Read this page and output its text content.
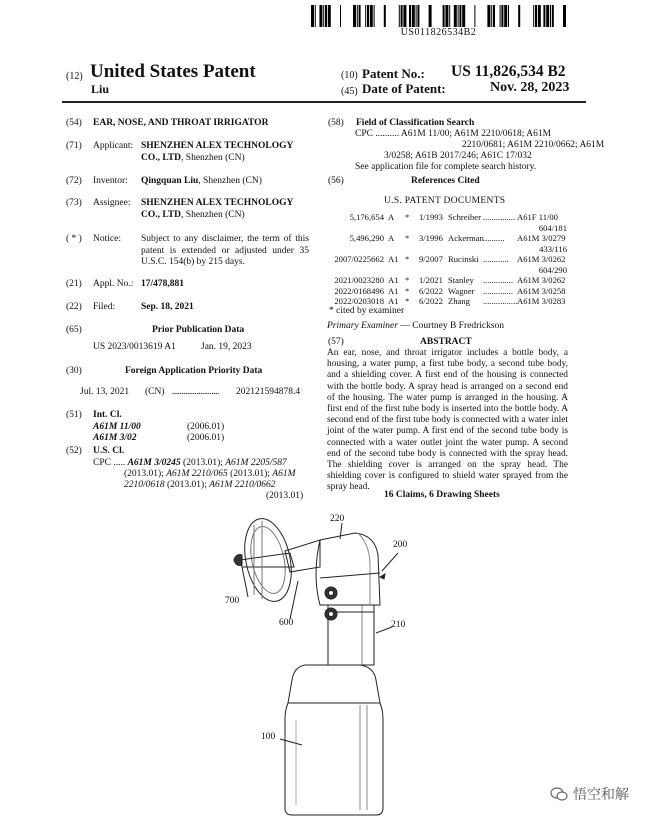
US011826534B2
(12) United States Patent
Liu
(10) Patent No.: US 11,826,534 B2
(45) Date of Patent:	Nov. 28, 2023
(54) EAR, NOSE, AND THROAT IRRIGATOR
(71) Applicant: SHENZHEN ALEX TECHNOLOGY CO., LTD, Shenzhen (CN)
(72) Inventor: Qingquan Liu, Shenzhen (CN)
(73) Assignee: SHENZHEN ALEX TECHNOLOGY CO., LTD, Shenzhen (CN)
( * ) Notice: Subject to any disclaimer, the term of this patent is extended or adjusted under 35 U.S.C. 154(b) by 215 days.
(21) Appl. No.: 17/478,881
(22) Filed:	Sep. 18, 2021
(65)	Prior Publication Data
US 2023/0013619 A1	Jan. 19, 2023
(30)	Foreign Application Priority Data
Jul. 13, 2021 (CN) ......................... 202121594878.4
(51) Int. Cl.
A61M 11/00	(2006.01)
A61M 3/02	(2006.01)
(52) U.S. Cl.
CPC ..... A61M 3/0245 (2013.01); A61M 2205/587
(2013.01); A61M 2210/065 (2013.01); A61M
2210/0618 (2013.01); A61M 2210/0662
(2013.01)
(58) Field of Classification Search
CPC .......... A61M 11/00; A61M 2210/0618; A61M
2210/0681; A61M 2210/0662; A61M
3/0258; A61B 2017/246; A61C 17/032
See application file for complete search history.
(56)	References Cited
U.S. PATENT DOCUMENTS
5,176,654 A * 1/1993 Schreiber ............... A61F 11/00
604/181
5,496,290 A * 3/1996 Ackerman .......... A61M 3/0279
433/116
2007/0225662 A1 * 9/2007 Rucinski ............ A61M 3/0262
604/290
2021/0023280 A1 * 1/2021 Stanley .............. A61M 3/0262
2022/0168496 A1 * 6/2022 Wagner .............. A61M 3/0258
2022/0203018 A1 * 6/2022 Zhang ................ A61M 3/0283
* cited by examiner
Primary Examiner — Courtney B Fredrickson
(57)	ABSTRACT
An ear, nose, and throat irrigator includes a bottle body, a housing, a water pump, a first tube body, a second tube body, and a shielding cover. A first end of the housing is connected with the bottle body. A spray head is arranged on a second end of the housing. The water pump is arranged in the housing. A first end of the first tube body is inserted into the bottle body. A second end of the first tube body is connected with a water inlet joint of the water pump. A first end of the second tube body is connected with a water outlet joint the water pump. A second end of the second tube body is connected with the spray head. The shielding cover is arranged on the spray head. The shielding cover is configured to shield water sprayed from the spray head.
16 Claims, 6 Drawing Sheets
220
200
700
600	210
100
悟空和解
